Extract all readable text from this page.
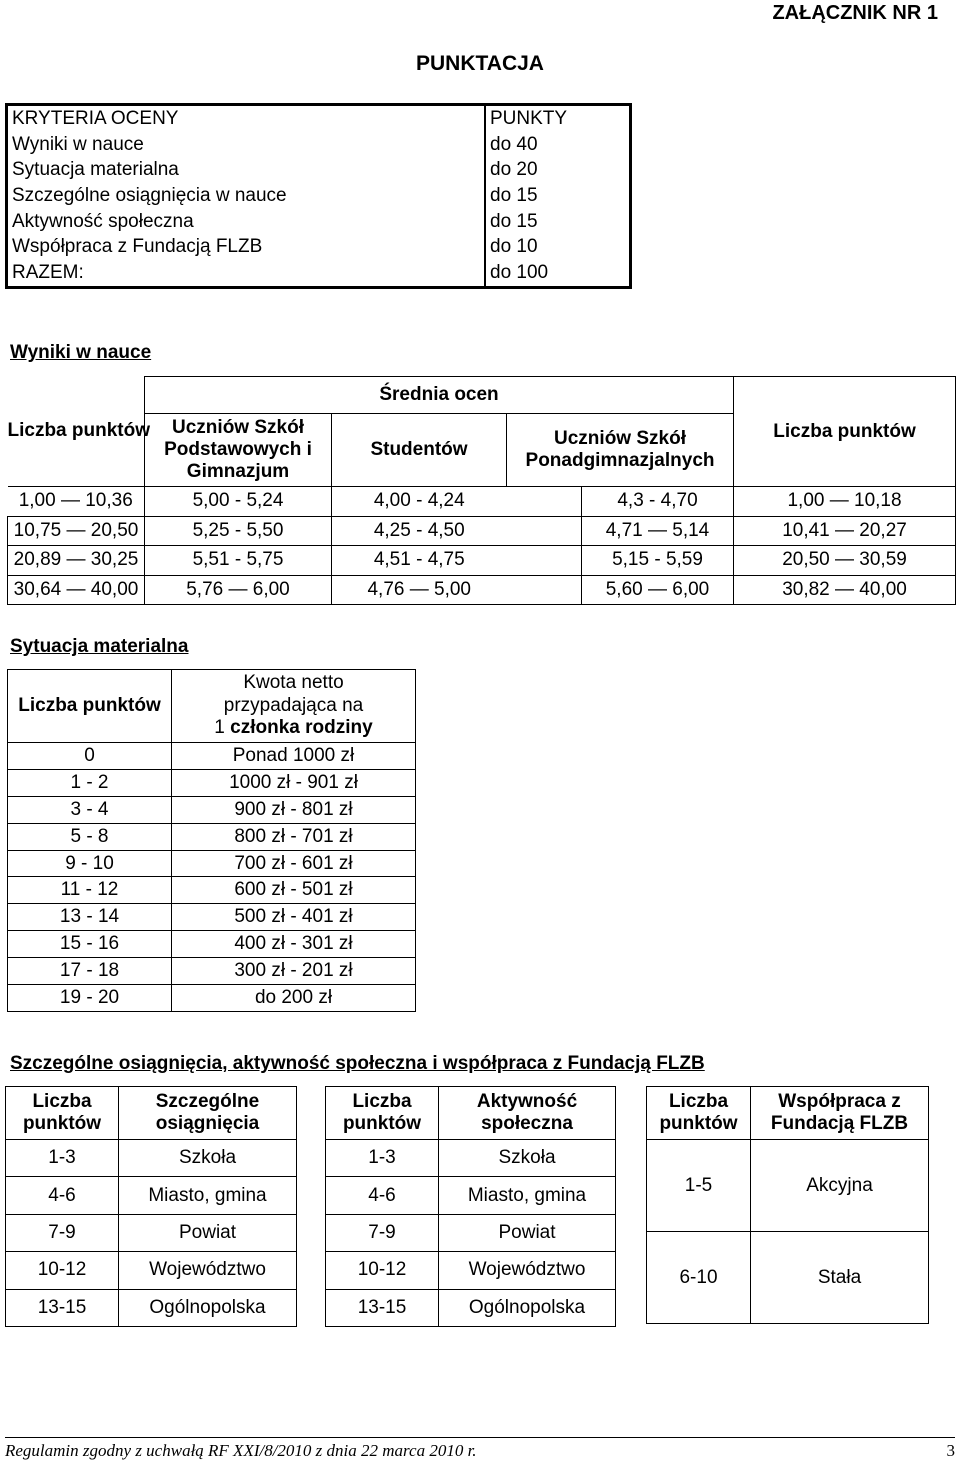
ZAŁĄCZNIK NR 1
PUNKTACJA
KRYTERIA OCENY	PUNKTY
Wyniki w nauce	do 40
Sytuacja materialna	do 20
Szczególne osiągnięcia w nauce	do 15
Aktywność społeczna	do 15
Współpraca z Fundacją FLZB	do 10
RAZEM:	do 100
Wyniki w nauce
Liczba punktów	Średnia ocen				Liczba punktów
	Uczniów Szkół Podstawowych i Gimnazjum	Studentów	Uczniów Szkół Ponadgimnazjalnych		
1,00 — 10,36	5,00 - 5,24	4,00 - 4,24		4,3 - 4,70	1,00 — 10,18
10,75 — 20,50	5,25 - 5,50	4,25 - 4,50		4,71 — 5,14	10,41 — 20,27
20,89 — 30,25	5,51 - 5,75	4,51 - 4,75		5,15 - 5,59	20,50 — 30,59
30,64 — 40,00	5,76 — 6,00	4,76 — 5,00		5,60 — 6,00	30,82 — 40,00
Sytuacja materialna
Liczba punktów	Kwota netto
przypadająca na
1 członka rodziny
0	Ponad 1000 zł
1 - 2	1000 zł - 901 zł
3 - 4	900 zł - 801 zł
5 - 8	800 zł - 701 zł
9 - 10	700 zł - 601 zł
11 - 12	600 zł - 501 zł
13 - 14	500 zł - 401 zł
15 - 16	400 zł - 301 zł
17 - 18	300 zł - 201 zł
19 - 20	do 200 zł
Szczególne osiągnięcia, aktywność społeczna i współpraca z Fundacją FLZB
Liczba punktów	Szczególne osiągnięcia
1-3	Szkoła
4-6	Miasto, gmina
7-9	Powiat
10-12	Województwo
13-15	Ogólnopolska
Liczba punktów	Aktywność społeczna
1-3	Szkoła
4-6	Miasto, gmina
7-9	Powiat
10-12	Województwo
13-15	Ogólnopolska
Liczba punktów	Współpraca z Fundacją FLZB
1-5	Akcyjna
6-10	Stała
Regulamin zgodny z uchwałą RF XXI/8/2010 z dnia 22 marca 2010 r.	3
